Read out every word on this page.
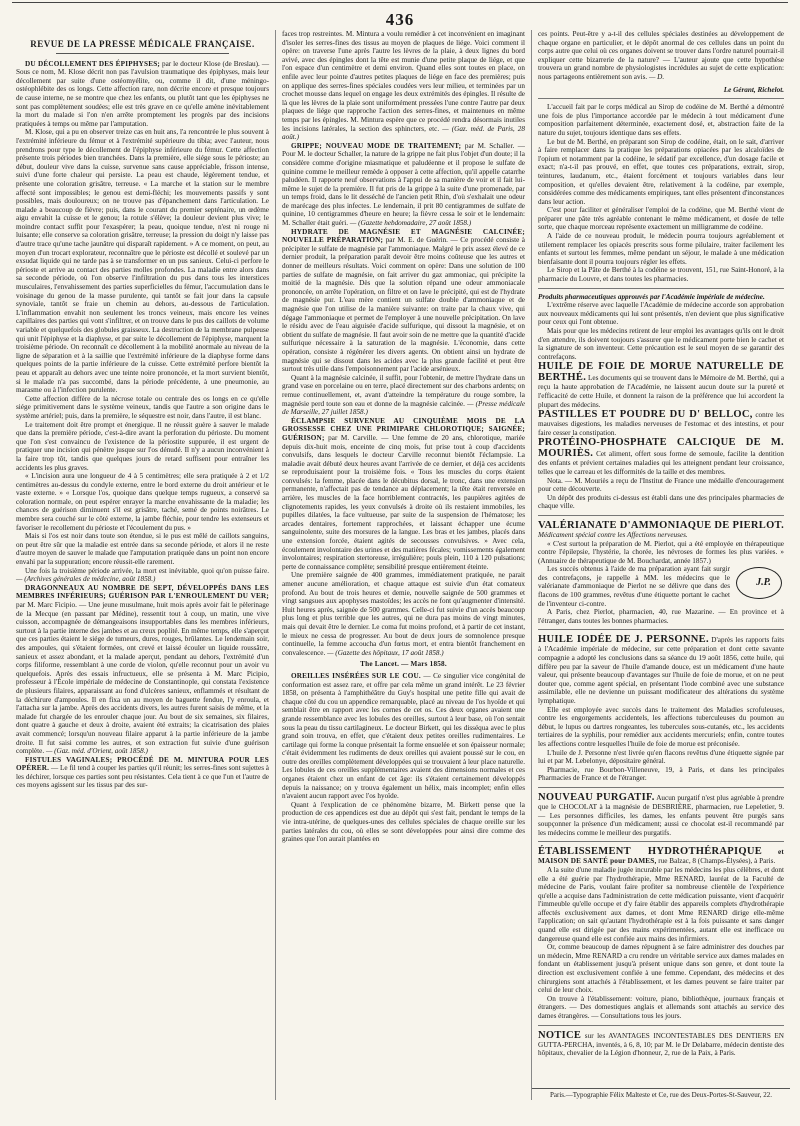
436
REVUE DE LA PRESSE MÉDICALE FRANÇAISE.

DU DÉCOLLEMENT DES ÉPIPHYSES; par le docteur Klose (de Breslau). — Sous ce nom, M. Klose décrit non pas l'avulsion traumatique des épiphyses, mais leur décollement par suite d'une ostéomyélite, ou, comme il dit, d'une méningo-ostéophlébite des os longs. Cette affection rare, non décrite encore et presque toujours de cause interne, ne se montre que chez les enfants, ou plutôt tant que les épiphyses ne sont pas complètement soudées; elle est très grave en ce qu'elle amène inévitablement la mort du malade si l'on n'en arrête promptement les progrès par des incisions pratiquées à temps ou même par l'amputation.

M. Klose, qui a pu en observer treize cas en huit ans, l'a rencontrée le plus souvent à l'extrémité inférieure du fémur et à l'extrémité supérieure du tibia; avec l'auteur, nous prendrons pour type le décollement de l'épiphyse inférieure du fémur. Cette affection présente trois périodes bien tranchées. Dans la première, elle siége sous le périoste; au début, douleur vive dans la cuisse, survenue sans cause appréciable, frisson intense, suivi d'une forte chaleur qui persiste. La peau est chaude, légèrement tendue, et présente une coloration grisâtre, terreuse. « La marche et la station sur le membre affecté sont impossibles; le genou est demi-fléchi; les mouvements passifs y sont possibles, mais douloureux; on ne trouve pas d'épanchement dans l'articulation. Le malade a beaucoup de fièvre; puis, dans le courant du premier septénaire, un œdème aigu envahit la cuisse et le genou; la rotule s'élève; la douleur devient plus vive; le moindre contact suffit pour l'exaspérer; la peau, quoique tendue, n'est ni rouge ni luisante; elle conserve sa coloration grisâtre, terreuse; la pression du doigt n'y laisse pas d'autre trace qu'une tache jaunâtre qui disparaît rapidement. » A ce moment, on peut, au moyen d'un trocart explorateur, reconnaître que le périoste est décollé et soulevé par un exsudat liquide qui ne tarde pas à se transformer en un pus sanieux. Celui-ci perfore le périoste et arrive au contact des parties molles profondes. La maladie entre alors dans sa seconde période, où l'on observe l'infiltration du pus dans tous les interstices musculaires, l'envahissement des parties superficielles du fémur, l'accumulation dans le voisinage du genou de la masse purulente, qui tantôt se fait jour dans la capsule synoviale, tantôt se fraie un chemin au dehors, au-dessous de l'articulation. L'inflammation envahit non seulement les troncs veineux, mais encore les veines capillaires des parties qui vont s'infiltrer, et on trouve dans le pus des caillots de volume variable et quelquefois des globules graisseux. La destruction de la membrane pulpeuse qui unit l'épiphyse et la diaphyse, et par suite le décollement de l'épiphyse, marquent la troisième période. On reconnaît ce décollement à la mobilité anormale au niveau de la ligne de séparation et à la saillie que l'extrémité inférieure de la diaphyse forme dans quelques points de la partie inférieure de la cuisse. Cette extrémité perfore bientôt la peau et apparaît au dehors avec une teinte noire prononcée, et la mort survient bientôt, si le malade n'a pas succombé, dans la période précédente, à une pneumonie, au marasme ou à l'infection purulente.

Cette affection diffère de la nécrose totale ou centrale des os longs en ce qu'elle siége primitivement dans le système veineux, tandis que l'autre a son origine dans le système artériel; puis, dans la première, le séquestre est noir, dans l'autre, il est blanc.

Le traitement doit être prompt et énergique. Il ne réussit guère à sauver le malade que dans la première période, c'est-à-dire avant la perforation du périoste. Du moment que l'on s'est convaincu de l'existence de la périostite suppurée, il est urgent de pratiquer une incision qui pénètre jusque sur l'os dénudé. Il n'y a aucun inconvénient à la faire trop tôt, tandis que quelques jours de retard suffisent pour entraîner les accidents les plus graves.

« L'incision aura une longueur de 4 à 5 centimètres; elle sera pratiquée à 2 et 1/2 centimètres au-dessus du condyle externe, entre le bord externe du droit antérieur et le vaste externe. » « Lorsque l'os, quoique dans quelque temps rugueux, a conservé sa coloration normale, on peut espérer enrayer la marche envahissante de la maladie; les chances de guérison diminuent s'il est grisâtre, taché, semé de points noirâtres. Le membre sera couché sur le côté externe, la jambe fléchie, pour tendre les extenseurs et favoriser le recollement du périoste et l'écoulement du pus. »

Mais si l'os est noir dans toute son étendue, si le pus est mêlé de caillots sanguins, on peut être sûr que la maladie est entrée dans sa seconde période, et alors il ne reste d'autre moyen de sauver le malade que l'amputation pratiquée dans un point non encore envahi par la suppuration; encore réussit-elle rarement.

Une fois la troisième période arrivée, la mort est inévitable, quoi qu'on puisse faire. — (Archives générales de médecine, août 1858.)

DRAGONNEAUX AU NOMBRE DE SEPT, DÉVELOPPÉS DANS LES MEMBRES INFÉRIEURS; GUÉRISON PAR L'ENROULEMENT DU VER; par M. Marc Ficipio. — Une jeune musulmane, huit mois après avoir fait le pèlerinage de la Mecque (en passant par Médine), ressentit tout à coup, un matin, une vive cuisson, accompagnée de démangeaisons insupportables dans les membres inférieurs, surtout à la partie interne des jambes et au creux poplité. En même temps, elle s'aperçut que ces parties étaient le siége de tumeurs, dures, rouges, brûlantes. Le lendemain soir, des ampoules, qui s'étaient formées, ont crevé et laissé écouler un liquide roussâtre, sanieux et assez abondant, et la malade aperçut, pendant au dehors, l'extrémité d'un corps filiforme, ressemblant à une corde de violon, qu'elle reconnut pour un avoir vu quelquefois. Après des essais infructueux, elle se présenta à M. Marc Picipio, professeur à l'École impériale de médecine de Constantinople, qui constata l'existence de plusieurs filaires, apparaissant au fond d'ulcères sanieux, enflammés et résultant de la déchirure d'ampoules. Il en fixa un au moyen de baguette fendue, l'y enroula, et l'attacha sur la jambe. Après des accidents divers, les autres furent saisis de même, et la malade fut chargée de les enrouler chaque jour. Au bout de six semaines, six filaires, dont quatre à gauche et deux à droite, avaient été extraits; la cicatrisation des plaies avait commencé; lorsqu'un nouveau filaire apparut à la partie inférieure de la jambe droite. Il fut saisi comme les autres, et son extraction fut suivie d'une guérison complète. — (Gaz. méd. d'Orient, août 1858.)

FISTULES VAGINALES; PROCÉDÉ DE M. MINTURA POUR LES OPÉRER. — Le fil tend à couper les parties qu'il réunit; les serres-fines sont sujettes à les déchirer, lorsque ces parties sont peu résistantes. Cela tient à ce que l'un et l'autre de ces moyens agissent sur les tissus par des sur-

faces trop restreintes. M. Mintura a voulu remédier à cet inconvénient en imaginant d'isoler les serres-fines des tissus au moyen de plaques de liége. Voici comment il opère: on traverse l'une après l'autre les lèvres de la plaie, à deux lignes du bord avivé, avec des épingles dont la tête est munie d'une petite plaque de liége, et que l'on espace d'un centimètre et demi environ. Quand elles sont toutes en place, on enfile avec leur pointe d'autres petites plaques de liége en face des premières; puis on applique des serres-fines spéciales coudées vers leur milieu, et terminées par un crochet mousse dans lequel on engage les deux extrémités des épingles. Il résulte de là que les lèvres de la plaie sont uniformément pressées l'une contre l'autre par deux plaques de liége que rapproche l'action des serres-fines, et maintenues en même temps par les épingles. M. Mintura espère que ce procédé rendra désormais inutiles les incisions latérales, la section des sphincters, etc. — (Gaz. méd. de Paris, 28 août.)

GRIPPE; NOUVEAU MODE DE TRAITEMENT; par M. Schaller. — Pour M. le docteur Schaller, la nature de la grippe ne fait plus l'objet d'un doute; il la considère comme d'origine miasmatique et paludéenne et il propose le sulfate de quinine comme le meilleur remède à opposer à cette affection, qu'il appelle catarrhe paludéen. Il rapporte neuf observations à l'appui de sa manière de voir et il fait lui-même le sujet de la première. Il fut pris de la grippe à la suite d'une promenade, par un temps froid, dans le lit desséché de l'ancien petit Rhin, d'où s'exhalait une odeur de marécage des plus infectes. Le lendemain, il prit 80 centigrammes de sulfate de quinine, 10 centigrammes d'heure en heure; la fièvre cessa le soir et le lendemain: M. Schaller était guéri. — (Gazette hebdomadaire, 27 août 1858.)

HYDRATE DE MAGNÉSIE ET MAGNÉSIE CALCINÉE; NOUVELLE PRÉPARATION; par M. E. de Guérin. — Ce procédé consiste à précipiter le sulfate de magnésie par l'ammoniaque. Malgré le prix assez élevé de ce dernier produit, la préparation paraît devoir être moins coûteuse que les autres et donner de meilleurs résultats. Voici comment on opère: Dans une solution de 100 parties de sulfate de magnésie, on fait arriver du gaz ammoniac, qui précipite la moitié de la magnésie. Dès que la solution répand une odeur ammoniacale prononcée, on arrête l'opération, on filtre et on lave le précipité, qui est de l'hydrate de magnésie pur. L'eau mère contient un sulfate double d'ammoniaque et de magnésie que l'on utilise de la manière suivante: on traite par la chaux vive, qui dégage l'ammoniaque et permet de l'employer à une nouvelle précipitation. On lave le résidu avec de l'eau aiguisée d'acide sulfurique, qui dissout la magnésie, et on obtient du sulfate de magnésie. Il faut avoir soin de ne mettre que la quantité d'acide sulfurique nécessaire à la saturation de la magnésie. L'économie, dans cette opération, consiste à régénérer les divers agents. On obtient ainsi un hydrate de magnésie qui se dissout dans les acides avec la plus grande facilité et peut être surtout très utile dans l'empoisonnement par l'acide arsénieux.

Quant à la magnésie calcinée, il suffit, pour l'obtenir, de mettre l'hydrate dans un grand vase en porcelaine ou en terre, placé directement sur des charbons ardents; on remue continuellement, et, avant d'atteindre la température du rouge sombre, la magnésie perd toute son eau et donne de la magnésie calcinée. — (Presse médicale de Marseille, 27 juillet 1858.)

ÉCLAMPSIE SURVENUE AU CINQUIÈME MOIS DE LA GROSSESSE CHEZ UNE PRIMIPARE CHLOROTIQUE; SAIGNÉE; GUÉRISON; par M. Carville. — Une femme de 20 ans, chlorotique, mariée depuis dix-huit mois, enceinte de cinq mois, fut prise tout à coup d'accidents convulsifs, dans lesquels le docteur Carville reconnut bientôt l'éclampsie. La maladie avait débuté deux heures avant l'arrivée de ce dernier, et déjà ces accidents se reproduisaient pour la troisième fois. « Tous les muscles du corps étaient convulsés: la femme, placée dans le décubitus dorsal, le tronc, dans une extension permanente, n'affectait pas de tendance au déplacement; la tête était renversée en arrière, les muscles de la face horriblement contractés, les paupières agitées de clignotements rapides, les yeux convulsés à droite où ils restaient immobiles, les pupilles dilatées, la face vultueuse, par suite de la suspension de l'hématose; les arcades dentaires, fortement rapprochées, et laissant échapper une écume sanguinolente, suite des morsures de la langue. Les bras et les jambes, placés dans une extension forcée, étaient agités de secousses convulsives. » Avec cela, écoulement involontaire des urines et des matières fécales; vomissements également involontaires; respiration stertoreuse, irrégulière; pouls plein, 110 à 120 pulsations; perte de connaissance complète; sensibilité presque entièrement éteinte.

Une première saignée de 400 grammes, immédiatement pratiquée, ne parait amener aucune amélioration, et chaque attaque est suivie d'un état comateux profond. Au bout de trois heures et demie, nouvelle saignée de 500 grammes et vingt sangsues aux apophyses mastoïdes; les accès ne font qu'augmenter d'intensité. Huit heures après, saignée de 500 grammes. Celle-ci fut suivie d'un accès beaucoup plus long et plus terrible que les autres, qui ne dura pas moins de vingt minutes, mais qui devait être le dernier. Le coma fut moins profond, et à partir de cet instant, le mieux ne cessa de progresser. Au bout de deux jours de somnolence presque continuelle, la femme accoucha d'un fœtus mort, et entra bientôt franchement en convalescence. — (Gazette des hôpitaux, 17 août 1858.)

The Lancet. — Mars 1858.

OREILLES INSÉRÉES SUR LE COU. — Ce singulier vice congénital de conformation est assez rare, et offre par cela même un grand intérêt. Le 23 février 1858, on présenta à l'amphithéâtre du Guy's hospital une petite fille qui avait de chaque côté du cou un appendice remarquable, placé au niveau de l'os hyoïde et qui semblait être en rapport avec les cornes de cet os. Ces deux organes avaient une grande ressemblance avec les lobules des oreilles, surtout à leur base, où l'on sentait sous la peau du tissu cartilagineux. Le docteur Birkett, qui les disséqua avec le plus grand soin trouva, en effet, que c'étaient deux petites oreilles rudimentaires. Le cartilage qui forme la conque présentait la forme ensuelée et son épaisseur normale; c'était évidemment les rudiments de deux oreilles qui avaient poussé sur le cou, en outre des oreilles complètement développées qui se trouvaient à leur place naturelle. Les lobules de ces oreilles supplémentaires avaient des dimensions normales et ces organes étaient chez un enfant de cet âge: ils s'étaient certainement développés depuis la naissance; on y trouva également un hélix, mais incomplet; enfin elles n'avaient aucun rapport avec l'os hyoïde.

Quant à l'explication de ce phénomène bizarre, M. Birkett pense que la production de ces appendices est due au dépôt qui s'est fait, pendant le temps de la vie intra-utérine, de quelques-unes des cellules spéciales de chaque oreille sur les parties latérales du cou, où elles se sont développées pour ainsi dire comme des graines que l'on aurait plantées en

ces points. Peut-être y a-t-il des cellules spéciales destinées au développement de chaque organe en particulier, et le dépôt anormal de ces cellules dans un point du corps autre que celui où ces organes doivent se trouver dans l'ordre naturel pourrait-il expliquer cette bizarrerie de la nature? — L'auteur ajoute que cette hypothèse trouvera un grand nombre de physiologistes incrédules au sujet de cette explication: nous partageons entièrement son avis. — D.

Le Gérant, Richelot.

L'accueil fait par le corps médical au Sirop de codéine de M. Berthé a démontré une fois de plus l'importance accordée par le médecin à tout médicament d'une composition parfaitement déterminée, exactement dosé, et, abstraction faite de la nature du sujet, toujours identique dans ses effets.

Le but de M. Berthé, en préparant son Sirop de codéine, était, on le sait, d'arriver à faire remplacer dans la pratique les préparations opiacées par les alcaloïdes de l'opium et notamment par la codéine, le sédatif par excellence, d'un dosage facile et exact; n'a-t-il pas prouvé, en effet, que toutes ces préparations, extrait, sirop, teintures, laudanum, etc., étaient forcément et toujours variables dans leur composition, et qu'elles devaient être, relativement à la codéine, par exemple, considérées comme des médicaments empiriques, tant elles présentent d'inconstances dans leur action.

C'est pour faciliter et généraliser l'emploi de la codéine, que M. Berthé vient de préparer une pâte très agréable contenant le même médicament, et dosée de telle sorte, que chaque morceau représente exactement un milligramme de codéine.

A l'aide de ce nouveau produit, le médecin pourra toujours agréablement et utilement remplacer les opiacés prescrits sous forme pilulaire, traiter facilement les enfants et surtout les femmes, même pendant un séjour, le malade à une médication bienfaisante dont il pourra toujours régler les effets.

Le Sirop et la Pâte de Berthé à la codéine se trouvent, 151, rue Saint-Honoré, à la pharmacie du Louvre, et dans toutes les pharmacies.

Produits pharmaceutiques approuvés par l'Académie impériale de médecine.

L'extrême réserve avec laquelle l'Académie de médecine accorde son approbation aux nouveaux médicaments qui lui sont présentés, n'en devient que plus significative pour ceux qui l'ont obtenue.

Mais pour que les médecins retirent de leur emploi les avantages qu'ils ont le droit d'en attendre, ils doivent toujours s'assurer que le médicament porte bien le cachet et la signature de son inventeur. Cette précaution est le seul moyen de se garantir des contrefaçons.

HUILE DE FOIE DE MORUE NATURELLE DE BERTHÉ. Les documents qui se trouvent dans le Mémoire de M. Berthé, qui a reçu la haute approbation de l'Académie, ne laissent aucun doute sur la pureté et l'efficacité de cette Huile, et donnent la raison de la préférence que lui accordent la plupart des médecins.

PASTILLES ET POUDRE DU D' BELLOC, contre les mauvaises digestions, les maladies nerveuses de l'estomac et des intestins, et pour faire cesser la constipation.

PROTÉINO-PHOSPHATE CALCIQUE DE M. MOURIÈS. Cet aliment, offert sous forme de semoule, facilite la dentition des enfants et prévient certaines maladies qui les atteignent pendant leur croissance, telles que le carreau et les difformités de la taille et des membres.

Nota. — M. Mouriès a reçu de l'Institut de France une médaille d'encouragement pour cette découverte.

Un dépôt des produits ci-dessus est établi dans une des principales pharmacies de chaque ville.

VALÉRIANATE D'AMMONIAQUE DE PIERLOT. Médicament spécial contre les Affections nerveuses.

« C'est surtout la préparation de M. Pierlot, qui a été employée en thérapeutique contre l'épilepsie, l'hystérie, la chorée, les névroses de formes les plus variées. » (Annuaire de thérapeutique de M. Bouchardat, année 1857.)

J.P.
Les succès obtenus à l'aide de ma préparation ayant fait surgir des contrefaçons, je rappelle à MM. les médecins que le valérianate d'ammoniaque de Pierlot ne se délivre que dans des flacons de 100 grammes, revêtus d'une étiquette portant le cachet de l'inventeur ci-contre.

A Paris, chez Pierlot, pharmacien, 40, rue Mazarine. — En province et à l'étranger, dans toutes les bonnes pharmacies.

HUILE IODÉE DE J. PERSONNE. D'après les rapports faits à l'Académie impériale de médecine, sur cette préparation et dont cette savante compagnie a adopté les conclusions dans sa séance du 19 août 1856, cette huile, qui diffère peu par la saveur de l'huile d'amande douce, est un médicament d'une haute valeur, qui présente beaucoup d'avantages sur l'huile de foie de morue, et on ne peut douter que, comme agent spécial, en présentant l'iode combiné avec une substance assimilable, elle ne devienne un puissant modificateur des altérations du système lymphatique.

Elle est employée avec succès dans le traitement des Maladies scrofuleuses, contre les engorgements accidentels, les affections tuberculeuses du poumon au début, le lupus ou dartres rongeantes, les tubercules sous-cutanés, etc., les accidents tertiaires de la syphilis, pour remédier aux accidents mercuriels; enfin, contre toutes les affections contre lesquelles l'huile de foie de morue est préconisée.

L'huile de J. Personne n'est livrée qu'en flacons revêtus d'une étiquette signée par lui et par M. Lebelonye, dépositaire général.

Pharmacie, rue Bourbon-Villeneuve, 19, à Paris, et dans les principales Pharmacies de France et de l'étranger.

NOUVEAU PURGATIF. Aucun purgatif n'est plus agréable à prendre que le CHOCOLAT à la magnésie de DESBRIÈRE, pharmacien, rue Lepeletier, 9. — Les personnes difficiles, les dames, les enfants peuvent être purgés sans soupçonner la présence d'un médicament; aussi ce chocolat est-il recommandé par les médecins comme le meilleur des purgatifs.

ÉTABLISSEMENT HYDROTHÉRAPIQUE et MAISON DE SANTÉ pour DAMES, rue Balzac, 8 (Champs-Élysées), à Paris.

A la suite d'une maladie jugée incurable par les médecins les plus célèbres, et dont elle a été guérie par l'hydrothérapie, Mme RENARD, lauréat de la Faculté de médecine de Paris, voulant faire profiter sa nombreuse clientèle de l'expérience qu'elle a acquise dans l'administration de cette médication puissante, vient d'acquérir l'immeuble qu'elle occupe et d'y faire établir des appareils complets d'hydrothérapie affectés exclusivement aux dames, et dont Mme RENARD dirige elle-même l'application; on sait qu'autant l'hydrothérapie est à la fois puissante et sans danger quand elle est dirigée par des mains expérimentées, autant elle est inefficace ou dangereuse quand elle est confiée aux mains des infirmiers.

Or, comme beaucoup de dames répugnent à se faire administrer des douches par un médecin, Mme RENARD a cru rendre un véritable service aux dames malades en fondant un établissement jusqu'à présent unique dans son genre, et dont toute la direction est exclusivement confiée à une femme. Cependant, des médecins et des chirurgiens sont attachés à l'établissement, et les dames peuvent se faire traiter par celui de leur choix.

On trouve à l'établissement: voiture, piano, bibliothèque, journaux français et étrangers. — Des domestiques anglais et allemands sont attachés au service des dames étrangères. — Consultations tous les jours.

NOTICE sur les AVANTAGES INCONTESTABLES DES DENTIERS EN GUTTA-PERCHA, inventés, à 6, 8, 10; par M. le Dr Delabarre, médecin dentiste des hôpitaux, chevalier de la Légion d'honneur, 2, rue de la Paix, à Paris.

Paris.—Typographie Félix Malteste et Ce, rue des Deux-Portes-St-Sauveur, 22.
